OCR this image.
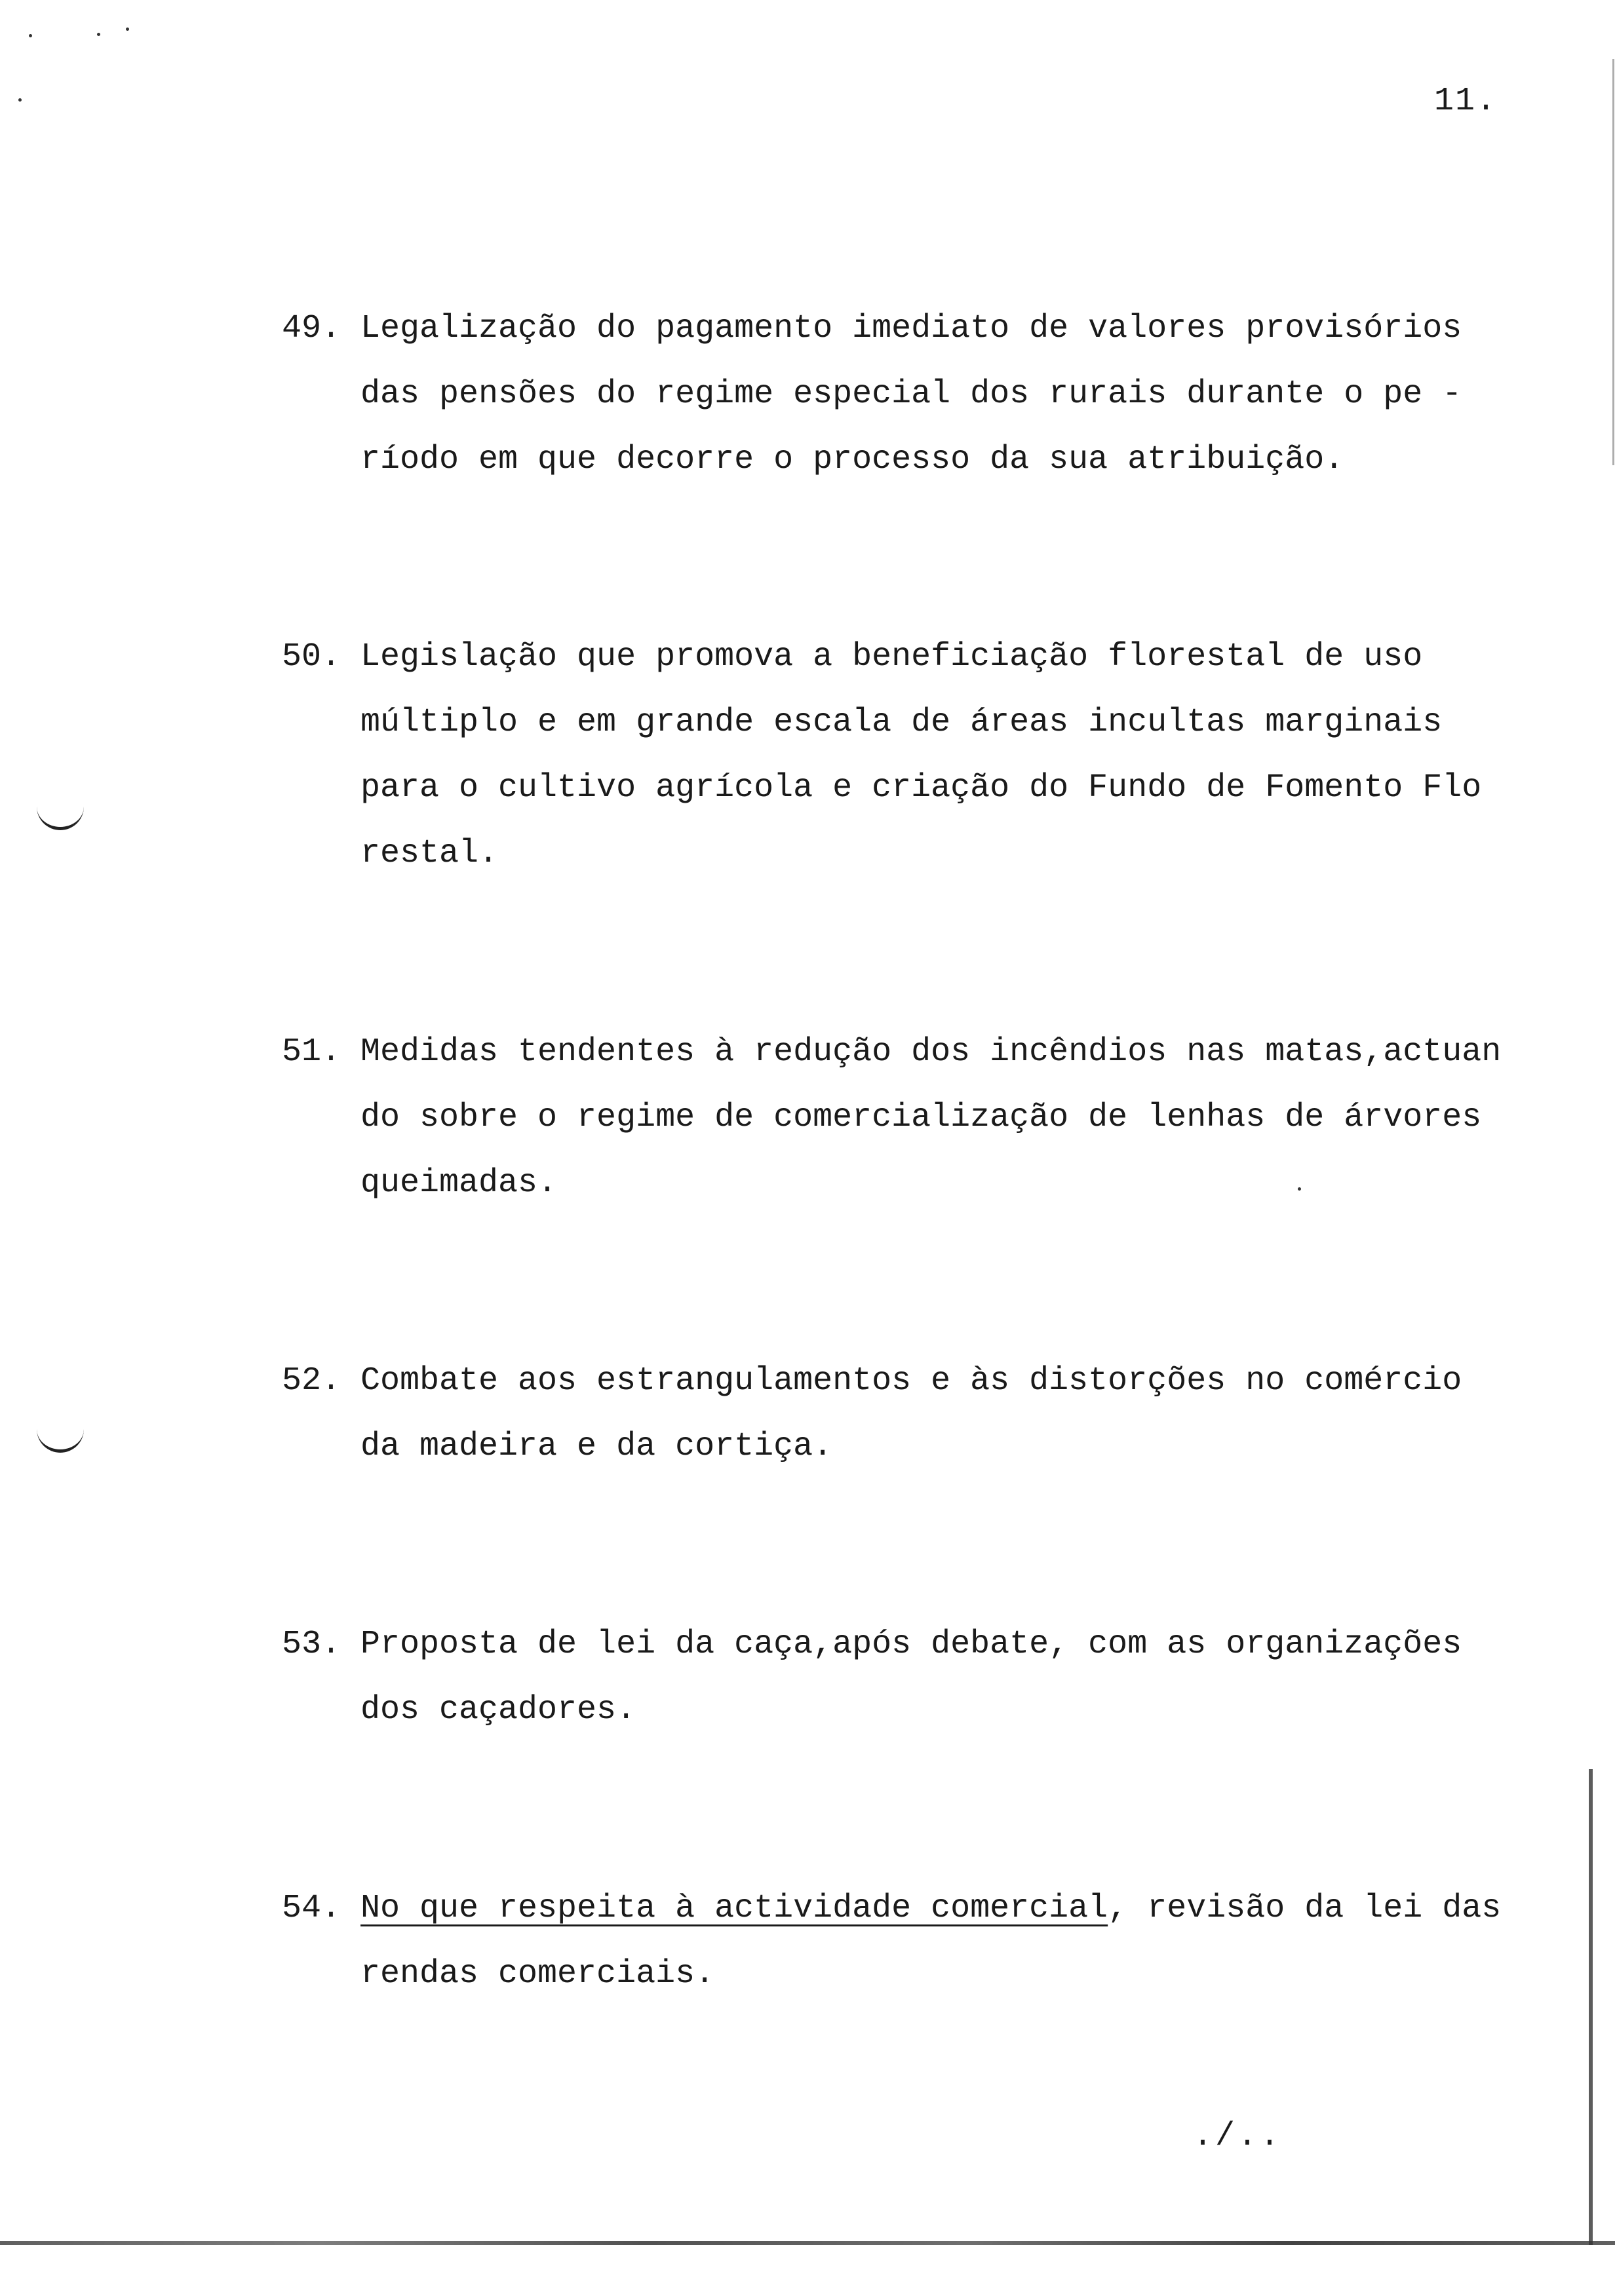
11.
49. Legalização do pagamento imediato de valores provisórios
das pensões do regime especial dos rurais durante o pe -
ríodo em que decorre o processo da sua atribuição.
50. Legislação que promova a beneficiação florestal de uso
múltiplo e em grande escala de áreas incultas marginais
para o cultivo agrícola e criação do Fundo de Fomento Flo
restal.
51. Medidas tendentes à redução dos incêndios nas matas,actuan
do sobre o regime de comercialização de lenhas de árvores
queimadas.
52. Combate aos estrangulamentos e às distorções no comércio
da madeira e da cortiça.
53. Proposta de lei da caça,após debate, com as organizações
dos caçadores.
54. No que respeita à actividade comercial, revisão da lei das
rendas comerciais.
./..
